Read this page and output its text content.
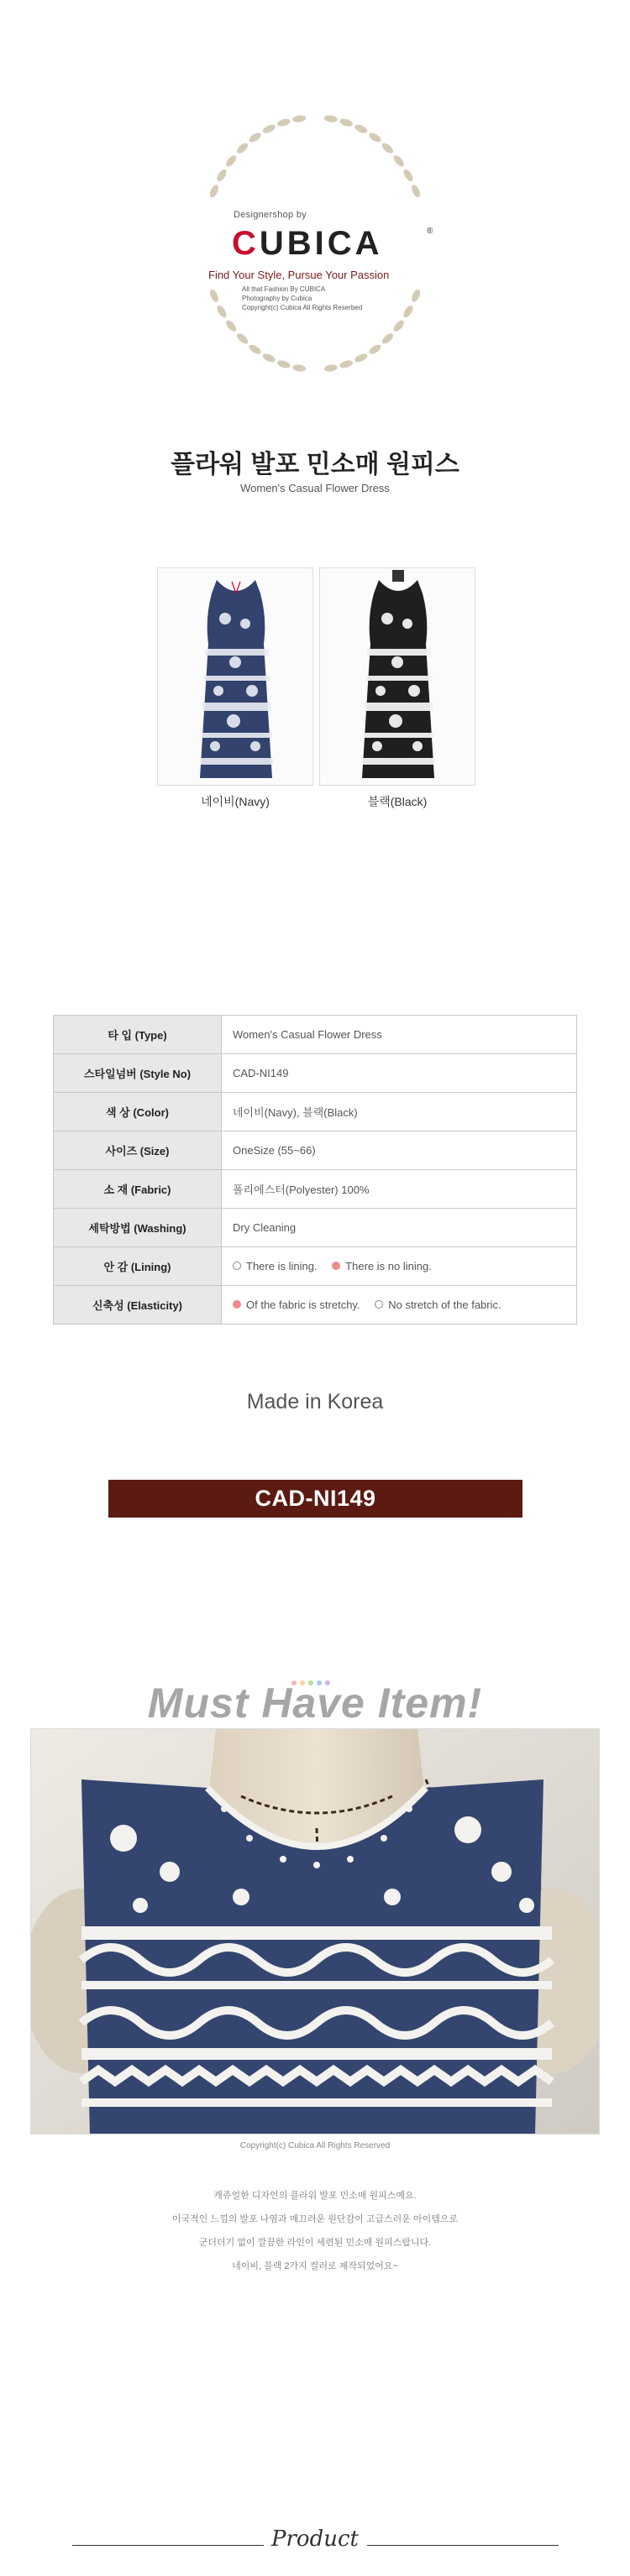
Designershop by
CUBICA	®
Find Your Style, Pursue Your Passion
All that Fashion By CUBICA
Photography by Cubica
Copyright(c) Cubica All Rights Reserbed
플라워 발포 민소매 원피스
Women's Casual Flower Dress
네이비(Navy)	블랙(Black)
타 입 (Type)	Women's Casual Flower Dress
스타일넘버 (Style No)	CAD-NI149
색 상 (Color)	네이비(Navy), 블랙(Black)
사이즈 (Size)	OneSize (55~66)
소 재 (Fabric)	폴리에스터(Polyester) 100%
세탁방법 (Washing)	Dry Cleaning
안 감 (Lining)	There is lining.
There is no lining.

신축성 (Elasticity)	Of the fabric is stretchy.
No stretch of the fabric.
Made in Korea
CAD-NI149
Must Have Item!
Copyright(c) Cubica All Rights Reserved
캐쥬얼한 디자인의 플라워 발포 민소매 원피스예요.
이국적인 느낌의 발포 나염과 매끄러운 원단감이 고급스러운 아이템으로
군더더기 없이 깔끔한 라인이 세련된 민소매 원피스랍니다.
네이비, 블랙 2가지 컬러로 제작되었어요~
Product
